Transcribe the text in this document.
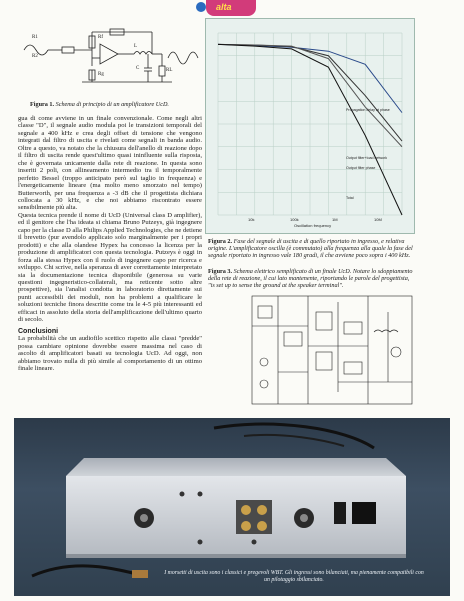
alta
R1
R2
Rf
Rg
C
L
RL
Figura 1. Schema di principio di un amplificatore UcD.

gua di come avviene in un finale convenzionale. Come negli altri classe "D", il segnale audio modula poi le transizioni temporali del segnale a 400 kHz e crea degli offset di tensione che vengono integrati dal filtro di uscita e rivelati come segnali in banda audio. Oltre a questo, va notato che la chiusura dell'anello di reazione dopo il filtro di uscita rende quest'ultimo quasi ininfluente sulla risposta, che è governata unicamente dalla rete di reazione. In questa sono inseriti 2 poli, con allineamento intermedio tra il temporalmente perfetto Bessel (troppo anticipato però sul taglio in frequenza) e l'energeticamente lineare (ma molto meno smorzato nel tempo) Butterworth, per una frequenza a -3 dB che il progettista dichiara collocata a 30 kHz, e che noi abbiamo riscontrato essere sensibilmente più alta.

Questa tecnica prende il nome di UcD (Universal class D amplifier), ed il genitore che l'ha ideata si chiama Bruno Putzeys, già ingegnere capo per la classe D alla Philips Applied Technologies, che ne detiene il brevetto (pur avendolo applicato solo marginalmente per i propri prodotti) e che alla olandese Hypex ha concesso la licenza per la produzione di amplificatori con questa tecnologia. Putzeys è oggi in forza alla stessa Hypex con il ruolo di ingegnere capo per ricerca e sviluppo. Chi scrive, nella speranza di aver correttamente interpretato sia la documentazione tecnica disponibile (generosa su varie questioni ingegneristico-collaterali, ma reticente sotto altre prospettive), sia l'analisi condotta in laboratorio direttamente sui punti accessibili dei moduli, non ha problemi a qualificare le soluzioni tecniche finora descritte come tra le 4-5 più interessanti ed efficaci in assoluto della storia dell'amplificazione dell'ultimo quarto di secolo.

Conclusioni

La probabilità che un audiofilo scettico rispetto alle classi "predde" possa cambiare opinione dovrebbe essere massima nel caso di ascolto di amplificatori basati su tecnologia UcD. Ad oggi, non abbiamo trovato nulla di più simile al comportamento di un ottimo finale lineare.

Propagation delay at phase
Output filter+load network
Output filter phase
Total
10k	100k	1M	10M
Oscillation frequency
Figura 2. Fase del segnale di uscita e di quello riportato in ingresso, e relativa origine. L'amplificatore oscilla (è commutato) alla frequenza alla quale la fase del segnale riportato in ingresso vale 180 gradi, il che avviene poco sopra i 400 kHz.
Figura 3. Schema elettrico semplificato di un finale UcD. Notare lo sdoppiamento della rete di reazione, il cui lato mantenente, riportando le parole del progettista, "is set up to sense the ground at the speaker terminal".
I morsetti di uscita sono i classici e pregevoli WBT. Gli ingressi sono bilanciati, ma pienamente compatibili con un pilotaggio sbilanciato.
